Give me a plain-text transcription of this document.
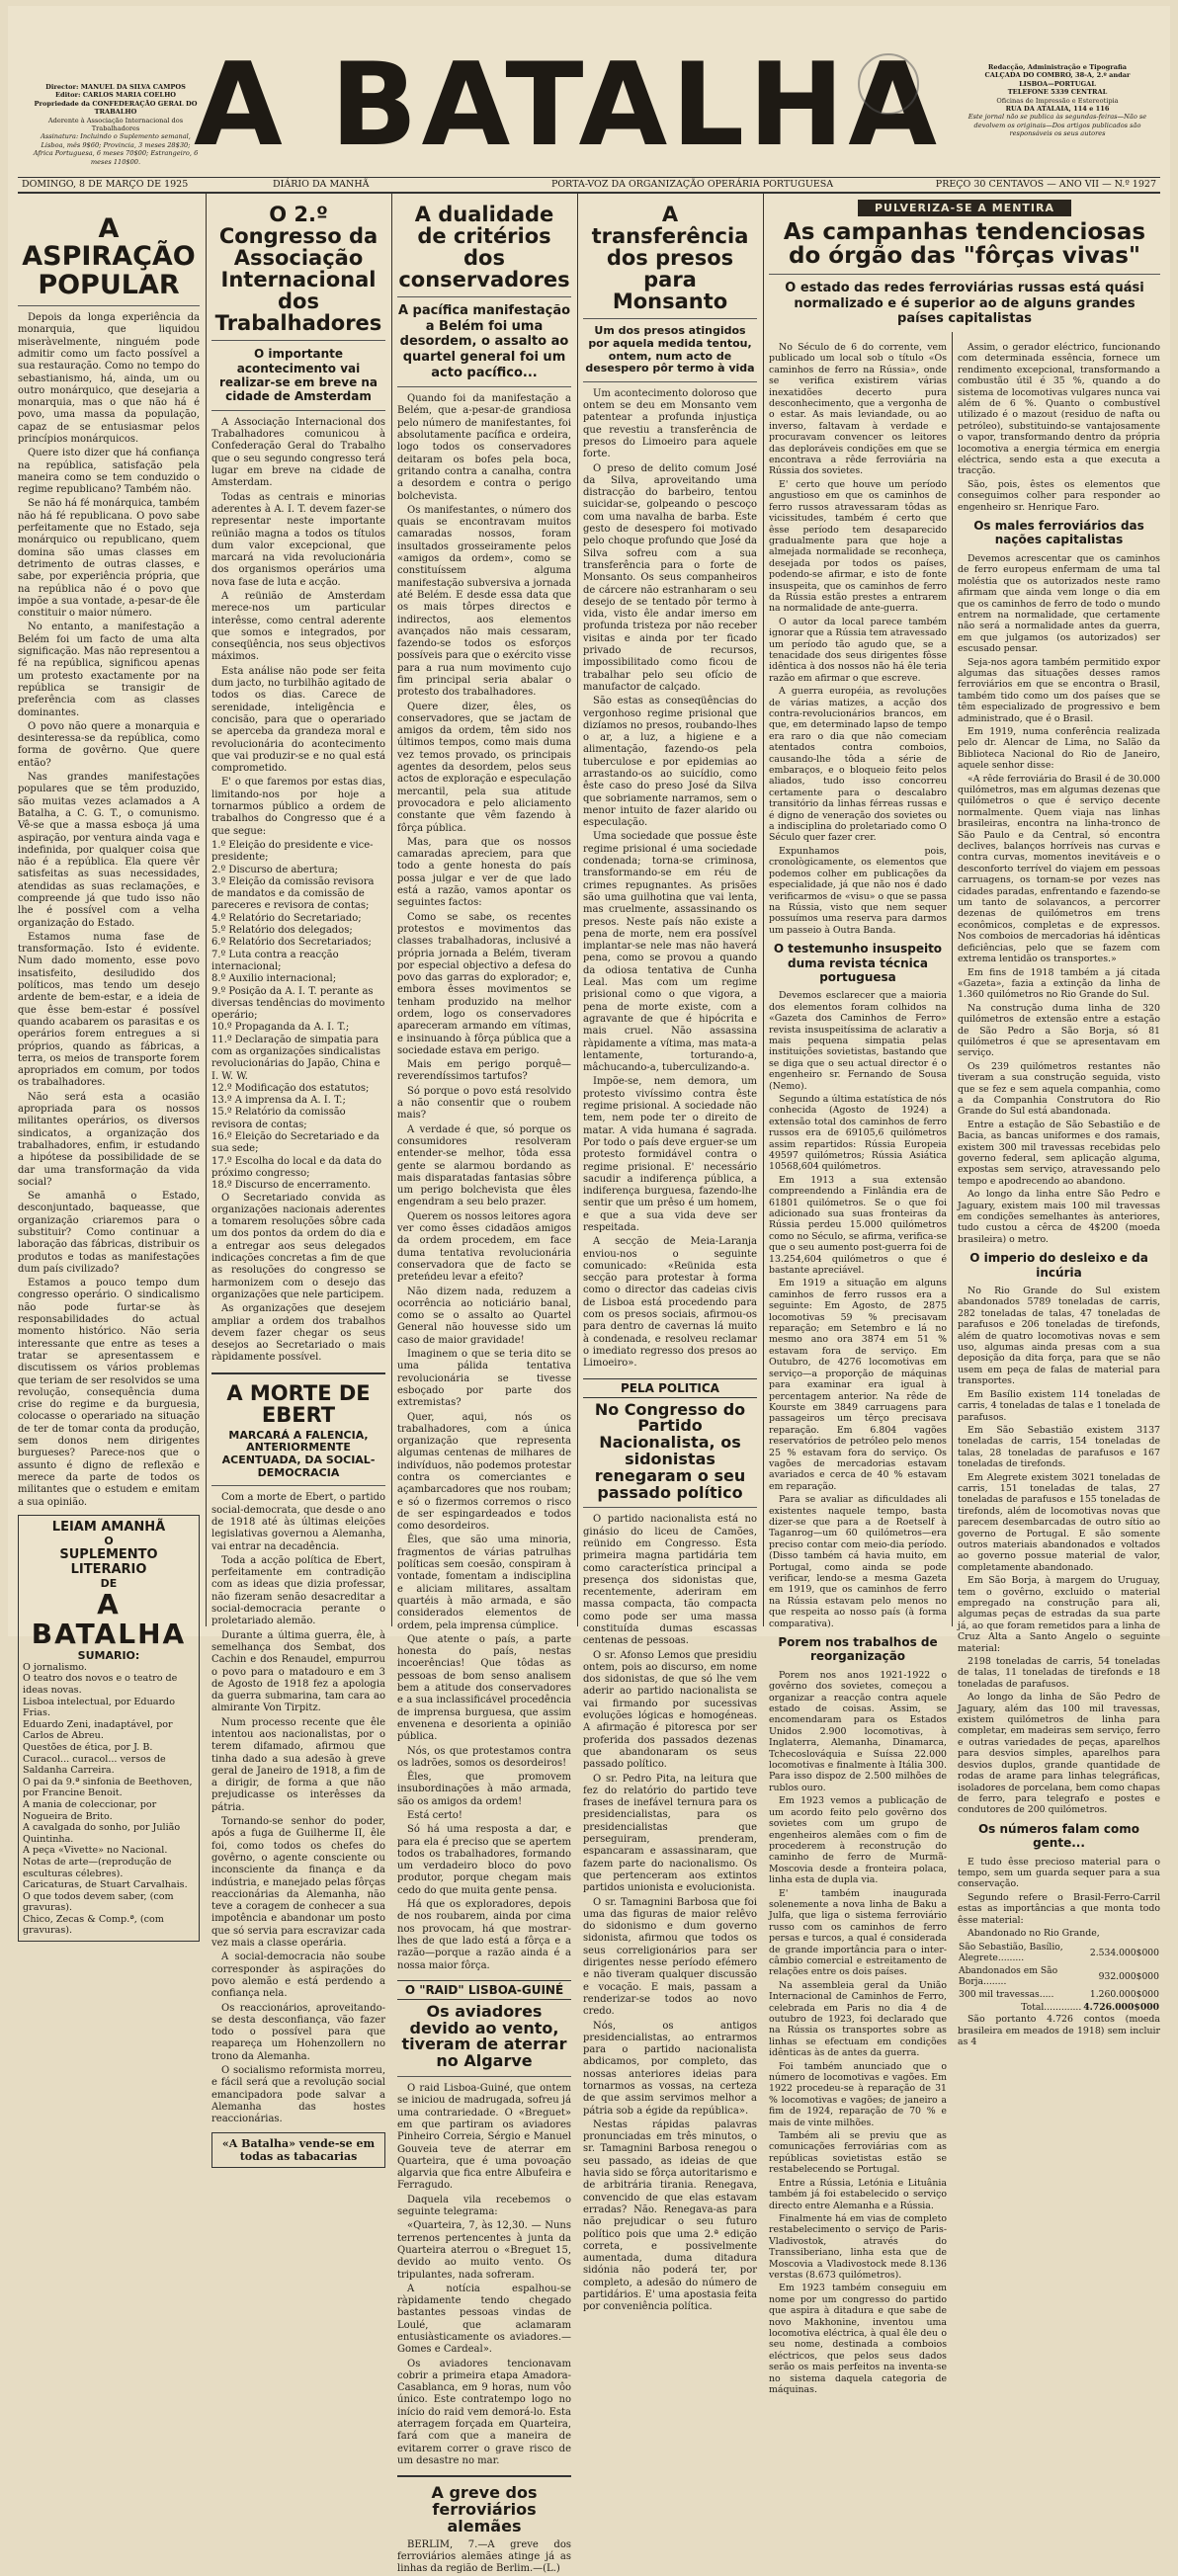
Director: MANUEL DA SILVA CAMPOS
Editor: CARLOS MARIA COELHO
Propriedade da CONFEDERAÇÃO GERAL DO TRABALHO
Aderente à Associação Internacional dos Trabalhadores
Assinatura: Incluindo o Suplemento semanal, Lisboa, mês 9$60; Provincia, 3 meses 28$30; Africa Portuguesa, 6 meses 70$00; Estrangeiro, 6 meses 110$00. A BATALHA	Redacção, Administração e Tipografia
CALÇADA DO COMBRO, 38-A, 2.º andar
LISBOA—PORTUGAL
TELEFONE 5339 CENTRAL
Oficinas de Impressão e Estereotipia
RUA DA ATALAIA, 114 e 116
Este jornal não se publica às segundas-feiras—Não se devolvem os originais—Dos artigos publicados são responsáveis os seus autores
DOMINGO, 8 DE MARÇO DE 1925	DIÁRIO DA MANHÃ	PORTA-VOZ DA ORGANIZAÇÃO OPERÁRIA PORTUGUESA	PREÇO 30 CENTAVOS — ANO VII — N.º 1927
A ASPIRAÇÃO POPULAR

Depois da longa experiência da monarquia, que liquidou miseràvelmente, ninguém pode admitir como um facto possível a sua restauração. Como no tempo do sebastianismo, há, ainda, um ou outro monárquico, que desejaria a monarquia, mas o que não há é povo, uma massa da população, capaz de se entusiasmar pelos princípios monárquicos.

Quere isto dizer que há confiança na república, satisfação pela maneira como se tem conduzido o regime republicano? Também não.

Se não há fé monárquica, também não há fé republicana. O povo sabe perfeitamente que no Estado, seja monárquico ou republicano, quem domina são umas classes em detrimento de outras classes, e sabe, por experiência própria, que na república não é o povo que impõe a sua vontade, a-pesar-de êle constituir o maior número.

No entanto, a manifestação a Belém foi um facto de uma alta significação. Mas não representou a fé na república, significou apenas um protesto exactamente por na república se transigir de preferência com as classes dominantes.

O povo não quere a monarquia e desinteressa-se da república, como forma de govêrno. Que quere então?

Nas grandes manifestações populares que se têm produzido, são muitas vezes aclamados a A Batalha, a C. G. T., o comunismo. Vê-se que a massa esboça já uma aspiração, por ventura ainda vaga e indefinida, por qualquer coisa que não é a república. Ela quere vêr satisfeitas as suas necessidades, atendidas as suas reclamações, e compreende já que tudo isso não lhe é possível com a velha organização do Estado.

Estamos numa fase de transformação. Isto é evidente. Num dado momento, esse povo insatisfeito, desiludido dos políticos, mas tendo um desejo ardente de bem-estar, e a ideia de que êsse bem-estar é possível quando acabarem os parasitas e os operários forem entregues a si próprios, quando as fábricas, a terra, os meios de transporte forem apropriados em comum, por todos os trabalhadores.

Não será esta a ocasião apropriada para os nossos militantes operários, os diversos sindicatos, a organização dos trabalhadores, enfim, ir estudando a hipótese da possibilidade de se dar uma transformação da vida social?

Se amanhã o Estado, desconjuntado, baqueasse, que organização criaremos para o substituir? Como continuar a laboração das fábricas, distribuir os produtos e todas as manifestações dum país civilizado?

Estamos a pouco tempo dum congresso operário. O sindicalismo não pode furtar-se às responsabilidades do actual momento histórico. Não seria interessante que entre as teses a tratar se apresentassem e discutissem os vários problemas que teriam de ser resolvidos se uma revolução, consequência duma crise do regime e da burguesia, colocasse o operariado na situação de ter de tomar conta da produção, sem donos nem dirigentes burgueses? Parece-nos que o assunto é digno de reflexão e merece da parte de todos os militantes que o estudem e emitam a sua opinião.

LEIAM AMANHÃ
O
SUPLEMENTO LITERARIO
DE
A BATALHA
SUMARIO:
O jornalismo.
O teatro dos novos e o teatro de ideas novas.
Lisboa intelectual, por Eduardo Frias.
Eduardo Zeni, inadaptável, por Carlos de Abreu.
Questões de ética, por J. B.
Curacol... curacol... versos de Saldanha Carreira.
O pai da 9.ª sinfonia de Beethoven, por Francine Benoit.
A mania de coleccionar, por Nogueira de Brito.
A cavalgada do sonho, por Julião Quintinha.
A peça «Vivette» no Nacional.
Notas de arte—(reprodução de esculturas célebres).
Caricaturas, de Stuart Carvalhais.
O que todos devem saber, (com gravuras).
Chico, Zecas & Comp.ª, (com gravuras).
O 2.º Congresso da Associação Internacional dos Trabalhadores
O importante acontecimento vai realizar-se em breve na cidade de Amsterdam

A Associação Internacional dos Trabalhadores comunicou à Confederação Geral do Trabalho que o seu segundo congresso terá lugar em breve na cidade de Amsterdam.

Todas as centrais e minorias aderentes à A. I. T. devem fazer-se representar neste importante reünião magna a todos os títulos dum valor excepcional, que marcará na vida revolucionária dos organismos operários uma nova fase de luta e acção.

A reünião de Amsterdam merece-nos um particular interêsse, como central aderente que somos e integrados, por conseqüência, nos seus objectivos máximos.

Esta análise não pode ser feita dum jacto, no turbilhão agitado de todos os dias. Carece de serenidade, inteligência e concisão, para que o operariado se aperceba da grandeza moral e revolucionária do acontecimento que vai produzir-se e no qual está comprometido.

E' o que faremos por estas dias, limitando-nos por hoje a tornarmos público a ordem de trabalhos do Congresso que é a que segue:

1.º Eleição do presidente e vice-presidente;
2.º Discurso de abertura;
3.º Eleição da comissão revisora de mandatos e da comissão de pareceres e revisora de contas;
4.º Relatório do Secretariado;
5.º Relatório dos delegados;
6.º Relatório dos Secretariados;
7.º Luta contra a reacção internacional;
8.º Auxilio internacional;
9.º Posição da A. I. T. perante as diversas tendências do movimento operário;
10.º Propaganda da A. I. T.;
11.º Declaração de simpatia para com as organizações sindicalistas revolucionárias do Japão, China e I. W. W.
12.º Modificação dos estatutos;
13.º A imprensa da A. I. T.;
15.º Relatório da comissão revisora de contas;
16.º Eleição do Secretariado e da sua sede;
17.º Escolha do local e da data do próximo congresso;
18.º Discurso de encerramento.

O Secretariado convida as organizações nacionais aderentes a tomarem resoluções sôbre cada um dos pontos da ordem do dia e a entregar aos seus delegados indicações concretas a fim de que as resoluções do congresso se harmonizem com o desejo das organizações que nele participem.

As organizações que desejem ampliar a ordem dos trabalhos devem fazer chegar os seus desejos ao Secretariado o mais ràpidamente possível.

A MORTE DE EBERT
MARCARÁ A FALENCIA, ANTERIORMENTE ACENTUADA, DA SOCIAL-DEMOCRACIA

Com a morte de Ebert, o partido social-democrata, que desde o ano de 1918 até às últimas eleições legislativas governou a Alemanha, vai entrar na decadência.

Toda a acção política de Ebert, perfeitamente em contradição com as ideas que dizia professar, não fizeram senão desacreditar a social-democracia perante o proletariado alemão.

Durante a última guerra, êle, à semelhança dos Sembat, dos Cachin e dos Renaudel, empurrou o povo para o matadouro e em 3 de Agosto de 1918 fez a apologia da guerra submarina, tam cara ao almirante Von Tirpitz.

Num processo recente que êle intentou aos nacionalistas, por o terem difamado, afirmou que tinha dado a sua adesão à greve geral de Janeiro de 1918, a fim de a dirigir, de forma a que não prejudicasse os interêsses da pátria.

Tornando-se senhor do poder, após a fuga de Guilherme II, êle foi, como todos os chefes do govêrno, o agente consciente ou inconsciente da finança e da indústria, e manejado pelas fôrças reaccionárias da Alemanha, não teve a coragem de conhecer a sua impotência e abandonar um posto que só servia para escravizar cada vez mais a classe operária.

A social-democracia não soube corresponder às aspirações do povo alemão e está perdendo a confiança nela.

Os reaccionários, aproveitando-se desta desconfiança, vão fazer todo o possível para que reapareça um Hohenzollern no trono da Alemanha.

O socialismo reformista morreu, e fácil será que a revolução social emancipadora pode salvar a Alemanha das hostes reaccionárias.

«A Batalha» vende-se em todas as tabacarias
A dualidade de critérios dos conservadores
A pacífica manifestação a Belém foi uma desordem, o assalto ao quartel general foi um acto pacífico...

Quando foi da manifestação a Belém, que a-pesar-de grandiosa pelo número de manifestantes, foi absolutamente pacífica e ordeira, logo todos os conservadores deitaram os bofes pela boca, gritando contra a canalha, contra a desordem e contra o perigo bolchevista.

Os manifestantes, o número dos quais se encontravam muitos camaradas nossos, foram insultados grosseiramente pelos «amigos da ordem», como se constituíssem alguma manifestação subversiva a jornada até Belém. E desde essa data que os mais tôrpes directos e indirectos, aos elementos avançados não mais cessaram, fazendo-se todos os esforços possíveis para que o exército visse para a rua num movimento cujo fim principal seria abalar o protesto dos trabalhadores.

Quere dizer, êles, os conservadores, que se jactam de amigos da ordem, têm sido nos últimos tempos, como mais duma vez temos provado, os principais agentes da desordem, pelos seus actos de exploração e especulação mercantil, pela sua atitude provocadora e pelo aliciamento constante que vêm fazendo à fôrça pública.

Mas, para que os nossos camaradas apreciem, para que todo a gente honesta do país possa julgar e ver de que lado está a razão, vamos apontar os seguintes factos:

Como se sabe, os recentes protestos e movimentos das classes trabalhadoras, inclusivé a própria jornada a Belém, tiveram por especial objectivo a defesa do povo das garras do explorador; e, embora êsses movimentos se tenham produzido na melhor ordem, logo os conservadores apareceram armando em vítimas, e insinuando à fôrça pública que a sociedade estava em perigo.

Mais em perigo porquê—reverendíssimos tartufos?

Só porque o povo está resolvido a não consentir que o roubem mais?

A verdade é que, só porque os consumidores resolveram entender-se melhor, tôda essa gente se alarmou bordando as mais disparatadas fantasias sôbre um perigo bolchevista que êles engendram a seu belo prazer.

Querem os nossos leitores agora ver como êsses cidadãos amigos da ordem procedem, em face duma tentativa revolucionária conservadora que de facto se preteńdeu levar a efeito?

Não dizem nada, reduzem a ocorrência ao noticiário banal, como se o assalto ao Quartel General não houvesse sido um caso de maior gravidade!

Imaginem o que se teria dito se uma pálida tentativa revolucionária se tivesse esboçado por parte dos extremistas?

Quer, aqui, nós os trabalhadores, com a única organização que representa algumas centenas de milhares de indivíduos, não podemos protestar contra os comerciantes e açambarcadores que nos roubam; e só o fizermos corremos o risco de ser espingardeados e todos como desordeiros.

Êles, que são uma minoria, fragmentos de várias patrulhas políticas sem coesão, conspiram à vontade, fomentam a indisciplina e aliciam militares, assaltam quartéis à mão armada, e são considerados elementos de ordem, pela imprensa cúmplice.

Que atente o país, a parte honesta do país, nestas incoerências! Que tôdas as pessoas de bom senso analisem bem a atitude dos conservadores e a sua inclassificável procedência de imprensa burguesa, que assim envenena e desorienta a opinião pública.

Nós, os que protestamos contra os ladrões, somos os desordeiros!

Êles, que promovem insubordinações à mão armada, são os amigos da ordem!

Está certo!

Só há uma resposta a dar, e para ela é preciso que se apertem todos os trabalhadores, formando um verdadeiro bloco do povo produtor, porque chegam mais cedo do que muita gente pensa.

Há que os exploradores, depois de nos roubarem, ainda por cima nos provocam, há que mostrar-lhes de que lado está a fôrça e a razão—porque a razão ainda é a nossa maior fôrça.

O "RAID" LISBOA-GUINÉ
Os aviadores devido ao vento, tiveram de aterrar no Algarve

O raid Lisboa-Guiné, que ontem se iniciou de madrugada, sofreu já uma contrariedade. O «Breguet» em que partiram os aviadores Pinheiro Correia, Sérgio e Manuel Gouveia teve de aterrar em Quarteira, que é uma povoação algarvia que fica entre Albufeira e Ferragudo.

Daquela vila recebemos o seguinte telegrama:

«Quarteira, 7, às 12,30. — Nuns terrenos pertencentes à junta da Quarteira aterrou o «Breguet 15, devido ao muito vento. Os tripulantes, nada sofreram.

A notícia espalhou-se ràpidamente tendo chegado bastantes pessoas vindas de Loulé, que aclamaram entusiàsticamente os aviadores.—Gomes e Cardeal».

Os aviadores tencionavam cobrir a primeira etapa Amadora-Casablanca, em 9 horas, num vôo único. Este contratempo logo no início do raid vem demorá-lo. Esta aterragem forçada em Quarteira, fará com que a maneira de evitarem correr o grave risco de um desastre no mar.

A greve dos ferroviários alemães

BERLIM, 7.—A greve dos ferroviários alemães atinge já as linhas da região de Berlim.—(L.)

A transferência dos presos para Monsanto
Um dos presos atingidos por aquela medida tentou, ontem, num acto de desespero pôr termo à vida

Um acontecimento doloroso que ontem se deu em Monsanto vem patentear a profunda injustiça que revestiu a transferência de presos do Limoeiro para aquele forte.

O preso de delito comum José da Silva, aproveitando uma distracção do barbeiro, tentou suicidar-se, golpeando o pescoço com uma navalha de barba. Este gesto de desespero foi motivado pelo choque profundo que José da Silva sofreu com a sua transferência para o forte de Monsanto. Os seus companheiros de cárcere não estranharam o seu desejo de se tentado pôr termo à vida, visto êle andar imerso em profunda tristeza por não receber visitas e ainda por ter ficado privado de recursos, impossibilitado como ficou de trabalhar pelo seu ofício de manufactor de calçado.

São estas as conseqüências do vergonhoso regime prisional que dizíamos no presos, roubando-lhes o ar, a luz, a higiene e a alimentação, fazendo-os pela tuberculose e por epidemias ao arrastando-os ao suicídio, como êste caso do preso José da Silva que sobriamente narramos, sem o menor intuito de fazer alarido ou especulação.

Uma sociedade que possue êste regime prisional é uma sociedade condenada; torna-se criminosa, transformando-se em réu de crimes repugnantes. As prisões são uma guilhotina que vai lenta, mas cruelmente, assassinando os presos. Neste país não existe a pena de morte, nem era possível implantar-se nele mas não haverá pena, como se provou a quando da odiosa tentativa de Cunha Leal. Mas com um regime prisional como o que vigora, a pena de morte existe, com a agravante de que é hipócrita e mais cruel. Não assassina ràpidamente a vítima, mas mata-a lentamente, torturando-a, mâchucando-a, tuberculizando-a.

Impõe-se, nem demora, um protesto vivíssimo contra êste regime prisional. A sociedade não tem, nem pode ter o direito de matar. A vida humana é sagrada. Por todo o país deve erguer-se um protesto formidável contra o regime prisional. E' necessário sacudir a indiferença pública, a indiferença burguesa, fazendo-lhe sentir que um prêso é um homem, e que a sua vida deve ser respeitada.

A secção de Meia-Laranja enviou-nos o seguinte comunicado: «Reünida esta secção para protestar à forma como o director das cadeias civis de Lisboa está procedendo para com os presos sociais, afirmou-os para dentro de cavernas lá muito à condenada, e resolveu reclamar o imediato regresso dos presos ao Limoeiro».

PELA POLITICA
No Congresso do Partido Nacionalista, os sidonistas renegaram o seu passado político

O partido nacionalista está no ginásio do liceu de Camões, reünido em Congresso. Esta primeira magna partidária tem como característica principal a presença dos sidonistas que, recentemente, aderiram em massa compacta, tão compacta como pode ser uma massa constituída dumas escassas centenas de pessoas.

O sr. Afonso Lemos que presidiu ontem, pois ao discurso, em nome dos sidonistas, de que só lhe vem aderir ao partido nacionalista se vai firmando por sucessivas evoluções lógicas e homogéneas. A afirmação é pitoresca por ser proferida dos passados dezenas que abandonaram os seus passado político.

O sr. Pedro Pita, na leitura que fez do relatório do partido teve frases de inefável ternura para os presidencialistas, para os presidencialistas que perseguiram, prenderam, espancaram e assassinaram, que fazem parte do nacionalismo. Os que pertenceram aos extintos partidos unionista e evolucionista.

O sr. Tamagnini Barbosa que foi uma das figuras de maior relêvo do sidonismo e dum governo sidonista, afirmou que todos os seus correligionários para ser dirigentes nesse período efémero e não tiveram qualquer discussão e vocação. E mais, passam a renderizar-se todos ao novo credo.

Nós, os antigos presidencialistas, ao entrarmos para o partido nacionalista abdicamos, por completo, das nossas anteriores ideias para tornarmos as vossas, na certeza de que assim servimos melhor a pátria sob a égide da república».

Nestas rápidas palavras pronunciadas em três minutos, o sr. Tamagnini Barbosa renegou o seu passado, as ideias de que havia sido se fôrça autoritarismo e de arbitrária tirania. Renegava, convencido de que elas estavam erradas? Não. Renegava-as para não prejudicar o seu futuro político pois que uma 2.ª edição correta, e possivelmente aumentada, duma ditadura sidónia não poderá ter, por completo, a adesão do número de partidários. E' uma apostasia feita por conveniência política.

PULVERIZA-SE A MENTIRA
As campanhas tendenciosas do órgão das "fôrças vivas"
O estado das redes ferroviárias russas está quási normalizado e é superior ao de alguns grandes países capitalistas

No Século de 6 do corrente, vem publicado um local sob o título «Os caminhos de ferro na Rússia», onde se verifica existirem várias inexatidões decerto pura desconhecimento, que a vergonha de o estar. As mais leviandade, ou ao inverso, faltavam à verdade e procuravam convencer os leitores das deploráveis condições em que se encontrava a rêde ferroviária na Rússia dos sovietes.

E' certo que houve um período angustioso em que os caminhos de ferro russos atravessaram tôdas as vicissitudes, também é certo que êsse período tem desaparecido gradualmente para que hoje a almejada normalidade se reconheça, desejada por todos os países, podendo-se afirmar, e isto de fonte insuspeita, que os caminhos de ferro da Rússia estão prestes a entrarem na normalidade de ante-guerra.

O autor da local parece também ignorar que a Rússia tem atravessado um período tão agudo que, se a tenacidade dos seus dirigentes fôsse idêntica à dos nossos não há êle teria razão em afirmar o que escreve.

A guerra européia, as revoluções de várias matizes, a acção dos contra-revolucionários brancos, em que, em determinado lapso de tempo era raro o dia que não comeciam atentados contra comboios, causando-lhe tôda a série de embaraços, e o bloqueio feito pelos aliados, tudo isso concorreu certamente para o descalabro transitório da linhas férreas russas e é digno de veneração dos sovietes ou a indisciplina do proletariado como O Século quer fazer crer.

Expunhamos pois, cronològicamente, os elementos que podemos colher em publicações da especialidade, já que não nos é dado verificarmos de «visu» o que se passa na Rússia, visto que nem sequer possuímos uma reserva para darmos um passeio à Outra Banda.

O testemunho insuspeito duma revista técnica portuguesa

Devemos esclarecer que a maioria dos elementos foram colhidos na «Gazeta dos Caminhos de Ferro» revista insuspeitíssima de aclarativ a mais pequena simpatia pelas instituições sovietistas, bastando que se diga que o seu actual director é o engenheiro sr. Fernando de Sousa (Nemo).

Segundo a última estatística de nós conhecida (Agosto de 1924) a extensão total dos caminhos de ferro russos era de 69105,6 quilómetros assim repartidos: Rússia Europeia 49597 quilómetros; Rússia Asiática 10568,604 quilómetros.

Em 1913 a sua extensão compreendendo a Finlândia era de 61801 quilómetros. Se o que foi adicionado sua suas fronteiras da Rússia perdeu 15.000 quilómetros como no Século, se afirma, verifica-se que o seu aumento post-guerra foi de 13.254,604 quilómetros o que é bastante apreciável.

Em 1919 a situação em alguns caminhos de ferro russos era a seguinte: Em Agosto, de 2875 locomotivas 59 % precisavam reparação; em Setembro e lá no mesmo ano ora 3874 em 51 % estavam fora de serviço. Em Outubro, de 4276 locomotivas em serviço—a proporção de máquinas para examinar era igual à percentagem anterior. Na rêde de Kourste em 3849 carruagens para passageiros um têrço precisava reparação. Em 6.804 vagões reservatórios de petróleo pelo menos 25 % estavam fora do serviço. Os vagões de mercadorias estavam avariados e cerca de 40 % estavam em reparação.

Para se avaliar as dificuldades ali existentes naquele tempo, basta dizer-se que para a de Roetself à Taganrog—um 60 quilómetros—era preciso contar com meio-dia período. (Disso também cá havia muito, em Portugal, como ainda se pode verificar, lendo-se a mesma Gazeta em 1919, que os caminhos de ferro na Rússia estavam pelo menos no que respeita ao nosso país (à forma comparativa).

Porem nos trabalhos de reorganização

Porem nos anos 1921-1922 o govêrno dos sovietes, começou a organizar a reacção contra aquele estado de coisas. Assim, se encomendaram para os Estados Unidos 2.900 locomotivas, à Inglaterra, Alemanha, Dinamarca, Tchecoslováquia e Suíssa 22.000 locomotivas e finalmente à Itália 300. Para isso dispoz de 2.500 milhões de rublos ouro.

Em 1923 vemos a publicação de um acordo feito pelo govêrno dos sovietes com um grupo de engenheiros alemães com o fim de procederem à reconstrução do caminho de ferro de Murmã-Moscovia desde a fronteira polaca, linha esta de dupla via.

E' também inaugurada solenemente a nova linha de Baku a Julfa, que liga o sistema ferroviário russo com os caminhos de ferro persas e turcos, a qual é considerada de grande importância para o inter-câmbio comercial e estreitamento de relações entre os dois países.

Na assembleia geral da União Internacional de Caminhos de Ferro, celebrada em Paris no dia 4 de outubro de 1923, foi declarado que na Rússia os transportes sobre as linhas se efectuam em condições idênticas às de antes da guerra.

Foi também anunciado que o número de locomotivas e vagões. Em 1922 procedeu-se à reparação de 31 % locomotivas e vagões; de janeiro a fim de 1924, reparação de 70 % e mais de vinte milhões.

Também ali se previu que as comunicações ferroviárias com as repúblicas sovietistas estão se restabelecendo se Portugal.

Entre a Rússia, Letónia e Lituânia também já foi estabelecido o serviço directo entre Alemanha e a Rússia.

Finalmente há em vias de completo restabelecimento o serviço de Paris-Vladivostok, através do Transsiberiano, linha esta que de Moscovia a Vladivostock mede 8.136 verstas (8.673 quilómetros).

Em 1923 também conseguiu em nome por um congresso do partido que aspira à ditadura e que sabe de novo Makhonine, inventou uma locomotiva eléctrica, à qual êle deu o seu nome, destinada a comboios eléctricos, que pelos seus dados serão os mais perfeitos na inventa-se no sistema daquela categoria de máquinas.

Assim, o gerador eléctrico, funcionando com determinada essência, fornece um rendimento excepcional, transformando a combustão útil é 35 %, quando a do sistema de locomotivas vulgares nunca vai além de 6 %. Quanto o combustível utilizado é o mazout (residuo de nafta ou petróleo), substituindo-se vantajosamente o vapor, transformando dentro da própria locomotiva a energia térmica em energia eléctrica, sendo esta a que executa a tracção.

São, pois, êstes os elementos que conseguimos colher para responder ao engenheiro sr. Henrique Faro.

Os males ferroviários das nações capitalistas

Devemos acrescentar que os caminhos de ferro europeus enfermam de uma tal moléstia que os autorizados neste ramo afirmam que ainda vem longe o dia em que os caminhos de ferro de todo o mundo entrem na normalidade, que certamente não será a normalidade antes da guerra, em que julgamos (os autorizados) ser escusado pensar.

Seja-nos agora também permitido expor algumas das situações desses ramos ferroviários em que se encontra o Brasil, também tido como um dos países que se têm especializado de progressivo e bem administrado, que é o Brasil.

Em 1919, numa conferência realizada pelo dr. Alencar de Lima, no Salão da Biblioteca Nacional do Rio de Janeiro, aquele senhor disse:

«A rêde ferroviária do Brasil é de 30.000 quilómetros, mas em algumas dezenas que quilómetros o que é serviço decente normalmente. Quem viaja nas linhas brasileiras, encontra na linha-tronco de São Paulo e da Central, só encontra declives, balanços horríveis nas curvas e contra curvas, momentos inevitáveis e o desconforto terrível do viajem em pessoas carruagens, os tornam-se por vezes nas cidades paradas, enfrentando e fazendo-se um tanto de solavancos, a percorrer dezenas de quilómetros em trens econômicos, completas e de expressos. Nos comboios de mercadorias há idênticas deficiências, pelo que se fazem com extrema lentidão os transportes.»

Em fins de 1918 também a já citada «Gazeta», fazia a extinção da linha de 1.360 quilómetros no Rio Grande do Sul.

Na construção duma linha de 320 quilómetros de extensão entre a estação de São Pedro a São Borja, só 81 quilómetros é que se apresentavam em serviço.

Os 239 quilómetros restantes não tiveram a sua construção seguida, visto que se fez e sem aquela companhia, como a da Companhia Construtora do Rio Grande do Sul está abandonada.

Entre a estação de São Sebastião e de Bacia, as bancas uniformes e dos ramais, existem 300 mil travessas recebidas pelo governo federal, sem aplicação alguma, expostas sem serviço, atravessando pelo tempo e apodrecendo ao abandono.

Ao longo da linha entre São Pedro e Jaguary, existem mais 100 mil travessas em condições semelhantes às anteriores, tudo custou a cêrca de 4$200 (moeda brasileira) o metro.

O imperio do desleixo e da incúria

No Rio Grande do Sul existem abandonados 5789 toneladas de carris, 282 toneladas de talas, 47 toneladas de parafusos e 206 toneladas de tirefonds, além de quatro locomotivas novas e sem uso, algumas ainda presas com a sua deposição da dita força, para que se não usem em peça de falas de material para transportes.

Em Basílio existem 114 toneladas de carris, 4 toneladas de talas e 1 tonelada de parafusos.

Em São Sebastião existem 3137 toneladas de carris, 154 toneladas de talas, 28 toneladas de parafusos e 167 toneladas de tirefonds.

Em Alegrete existem 3021 toneladas de carris, 151 toneladas de talas, 27 toneladas de parafusos e 155 toneladas de tirefonds, além de locomotivas novas que parecem desembarcadas de outro sítio ao governo de Portugal. E são somente outros materiais abandonados e voltados ao governo possue material de valor, completamente abandonado.

Em São Borja, à margem do Uruguay, tem o govêrno, excluido o material empregado na construção para ali, algumas peças de estradas da sua parte já, ao que foram remetidos para a linha de Cruz Alta a Santo Angelo o seguinte material:

2198 toneladas de carris, 54 toneladas de talas, 11 toneladas de tirefonds e 18 toneladas de parafusos.

Ao longo da linha de São Pedro de Jaguary, além das 100 mil travessas, existem quilómetros de linha para completar, em madeiras sem serviço, ferro e outras variedades de peças, aparelhos para desvios simples, aparelhos para desvios duplos, grande quantidade de rodas de arame para linhas telegráficas, isoladores de porcelana, bem como chapas de ferro, para telegrafo e postes e condutores de 200 quilómetros.

Os números falam como gente...

E tudo êsse precioso material para o tempo, sem um guarda sequer para a sua conservação.

Segundo refere o Brasil-Ferro-Carril estas as importâncias a que monta todo êsse material:

Abandonado no Rio Grande,

São Sebastião, Basílio, Alegrete.........	2.534.000$000
Abandonados em São Borja........	932.000$000
300 mil travessas.....	1.260.000$000
Total.............	4.726.000$000

São portanto 4.726 contos (moeda brasileira em meados de 1918) sem incluir as 4
